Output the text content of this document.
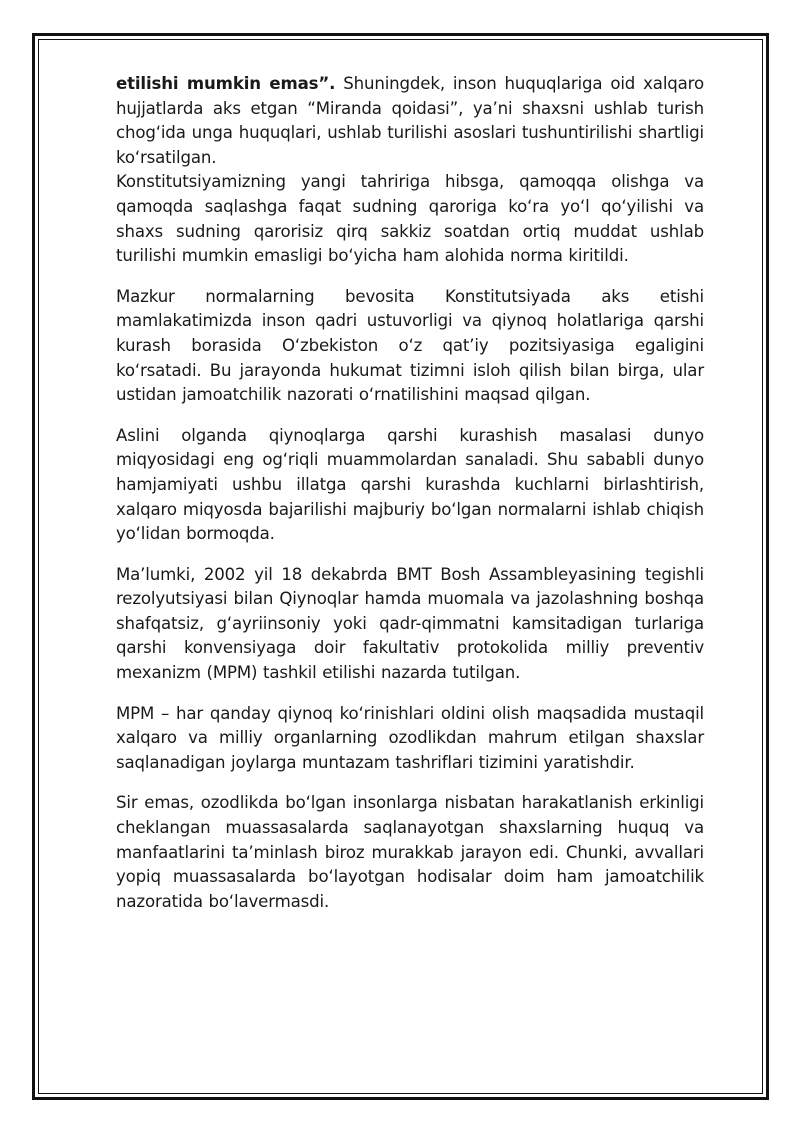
etilishi mumkin emas”. Shuningdek, inson huquqlariga oid xalqaro hujjatlarda aks etgan “Miranda qoidasi”, ya’ni shaxsni ushlab turish chog‘ida unga huquqlari, ushlab turilishi asoslari tushuntirilishi shartligi ko‘rsatilgan.

Konstitutsiyamizning yangi tahririga hibsga, qamoqqa olishga va qamoqda saqlashga faqat sudning qaroriga ko‘ra yo‘l qo‘yilishi va shaxs sudning qarorisiz qirq sakkiz soatdan ortiq muddat ushlab turilishi mumkin emasligi bo‘yicha ham alohida norma kiritildi.

Mazkur normalarning bevosita Konstitutsiyada aks etishi mamlakatimizda inson qadri ustuvorligi va qiynoq holatlariga qarshi kurash borasida O‘zbekiston o‘z qat’iy pozitsiyasiga egaligini ko‘rsatadi. Bu jarayonda hukumat tizimni isloh qilish bilan birga, ular ustidan jamoatchilik nazorati o‘rnatilishini maqsad qilgan.

Aslini olganda qiynoqlarga qarshi kurashish masalasi dunyo miqyosidagi eng og‘riqli muammolardan sanaladi. Shu sababli dunyo hamjamiyati ushbu illatga qarshi kurashda kuchlarni birlashtirish, xalqaro miqyosda bajarilishi majburiy bo‘lgan normalarni ishlab chiqish yo‘lidan bormoqda.

Ma’lumki, 2002 yil 18 dekabrda BMT Bosh Assambleyasining tegishli rezolyutsiyasi bilan Qiynoqlar hamda muomala va jazolashning boshqa shafqatsiz, g‘ayriinsoniy yoki qadr-qimmatni kamsitadigan turlariga qarshi konvensiyaga doir fakultativ protokolida milliy preventiv mexanizm (MPM) tashkil etilishi nazarda tutilgan.

MPM – har qanday qiynoq ko‘rinishlari oldini olish maqsadida mustaqil xalqaro va milliy organlarning ozodlikdan mahrum etilgan shaxslar saqlanadigan joylarga muntazam tashriflari tizimini yaratishdir.

Sir emas, ozodlikda bo‘lgan insonlarga nisbatan harakatlanish erkinligi cheklangan muassasalarda saqlanayotgan shaxslarning huquq va manfaatlarini ta’minlash biroz murakkab jarayon edi. Chunki, avvallari yopiq muassasalarda bo‘layotgan hodisalar doim ham jamoatchilik nazoratida bo‘lavermasdi.
